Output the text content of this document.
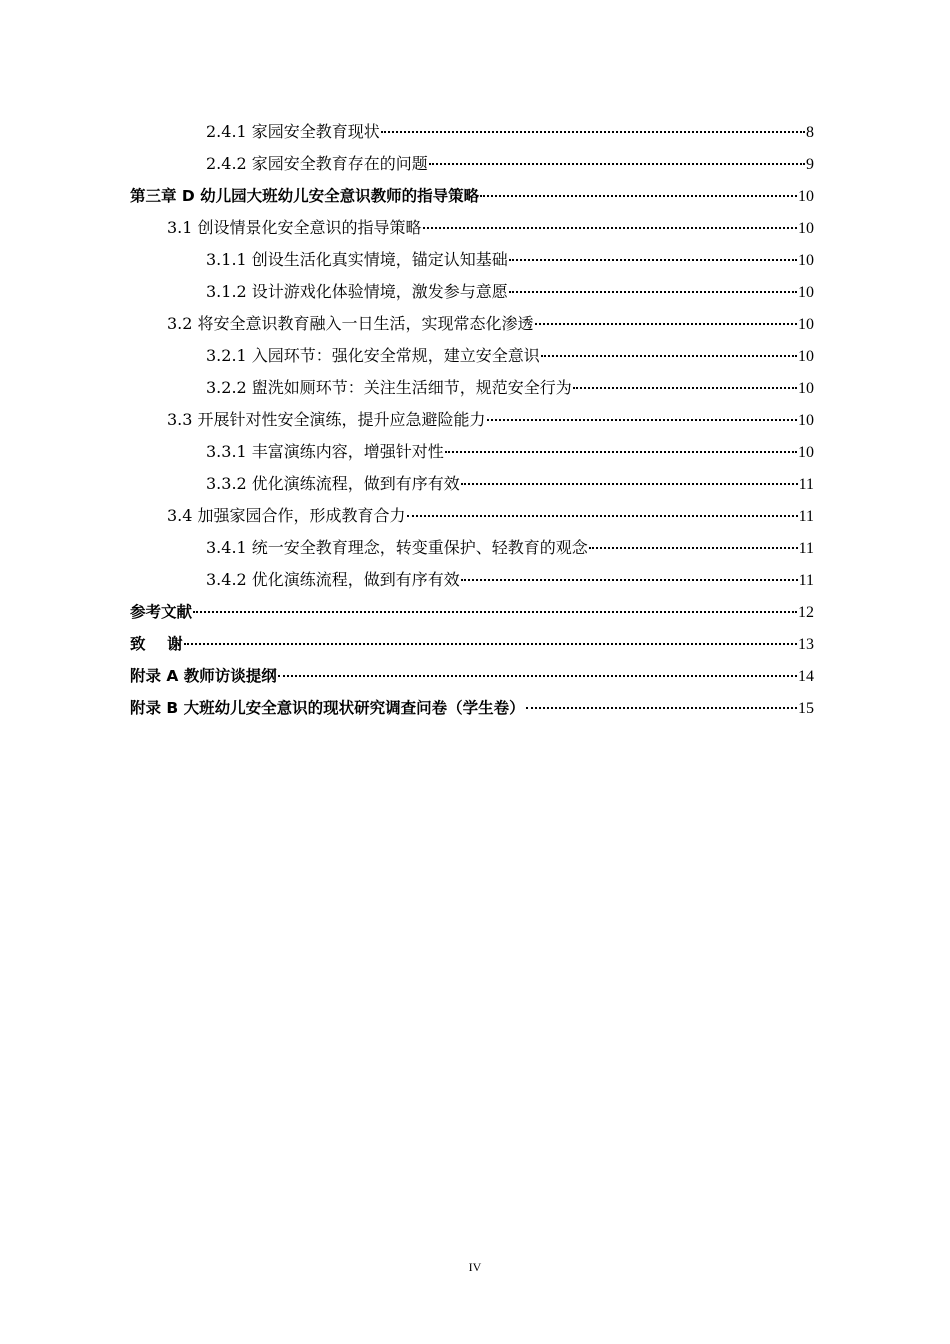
2.4.1 家园安全教育现状	8
2.4.2 家园安全教育存在的问题	9
第三章 D 幼儿园大班幼儿安全意识教师的指导策略	10
3.1 创设情景化安全意识的指导策略	10
3.1.1 创设生活化真实情境，锚定认知基础	10
3.1.2 设计游戏化体验情境，激发参与意愿	10
3.2 将安全意识教育融入一日生活，实现常态化渗透	10
3.2.1 入园环节：强化安全常规，建立安全意识	10
3.2.2 盥洗如厕环节：关注生活细节，规范安全行为	10
3.3 开展针对性安全演练，提升应急避险能力	10
3.3.1 丰富演练内容，增强针对性	10
3.3.2 优化演练流程，做到有序有效	11
3.4 加强家园合作，形成教育合力	11
3.4.1 统一安全教育理念，转变重保护、轻教育的观念	11
3.4.2 优化演练流程，做到有序有效	11
参考文献	12
致    谢	13
附录 A 教师访谈提纲	14
附录 B 大班幼儿安全意识的现状研究调查问卷（学生卷）	15
IV
